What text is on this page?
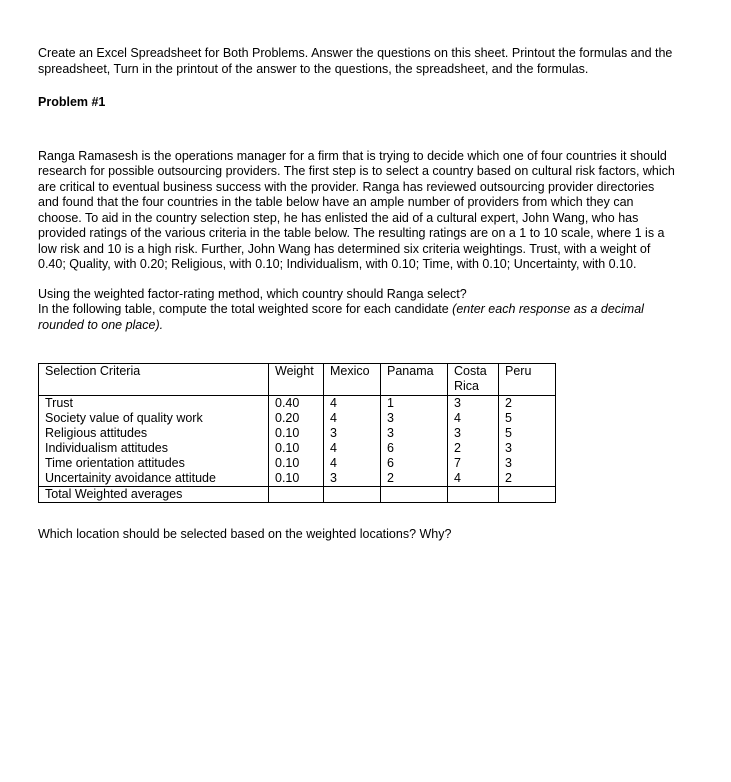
Create an Excel Spreadsheet for Both Problems. Answer the questions on this sheet. Printout the formulas and the spreadsheet, Turn in the printout of the answer to the questions, the spreadsheet, and the formulas.

Problem #1

Ranga Ramasesh is the operations manager for a firm that is trying to decide which one of four countries it should research for possible outsourcing providers. The first step is to select a country based on cultural risk factors, which are critical to eventual business success with the provider. Ranga has reviewed outsourcing provider directories and found that the four countries in the table below have an ample number of providers from which they can choose. To aid in the country selection step, he has enlisted the aid of a cultural expert, John Wang, who has provided ratings of the various criteria in the table below. The resulting ratings are on a 1 to 10 scale, where 1 is a low risk and 10 is a high risk. Further, John Wang has determined six criteria weightings. Trust, with a weight of 0.40; Quality, with 0.20; Religious, with 0.10; Individualism, with 0.10; Time, with 0.10; Uncertainty, with 0.10.

Using the weighted factor-rating method, which country should Ranga select?

In the following table, compute the total weighted score for each candidate (enter each response as a decimal rounded to one place).

Selection Criteria	Weight	Mexico	Panama	Costa Rica	Peru
Trust	0.40	4	1	3	2
Society value of quality work	0.20	4	3	4	5
Religious attitudes	0.10	3	3	3	5
Individualism attitudes	0.10	4	6	2	3
Time orientation attitudes	0.10	4	6	7	3
Uncertainity avoidance attitude	0.10	3	2	4	2
Total Weighted averages					

Which location should be selected based on the weighted locations? Why?
